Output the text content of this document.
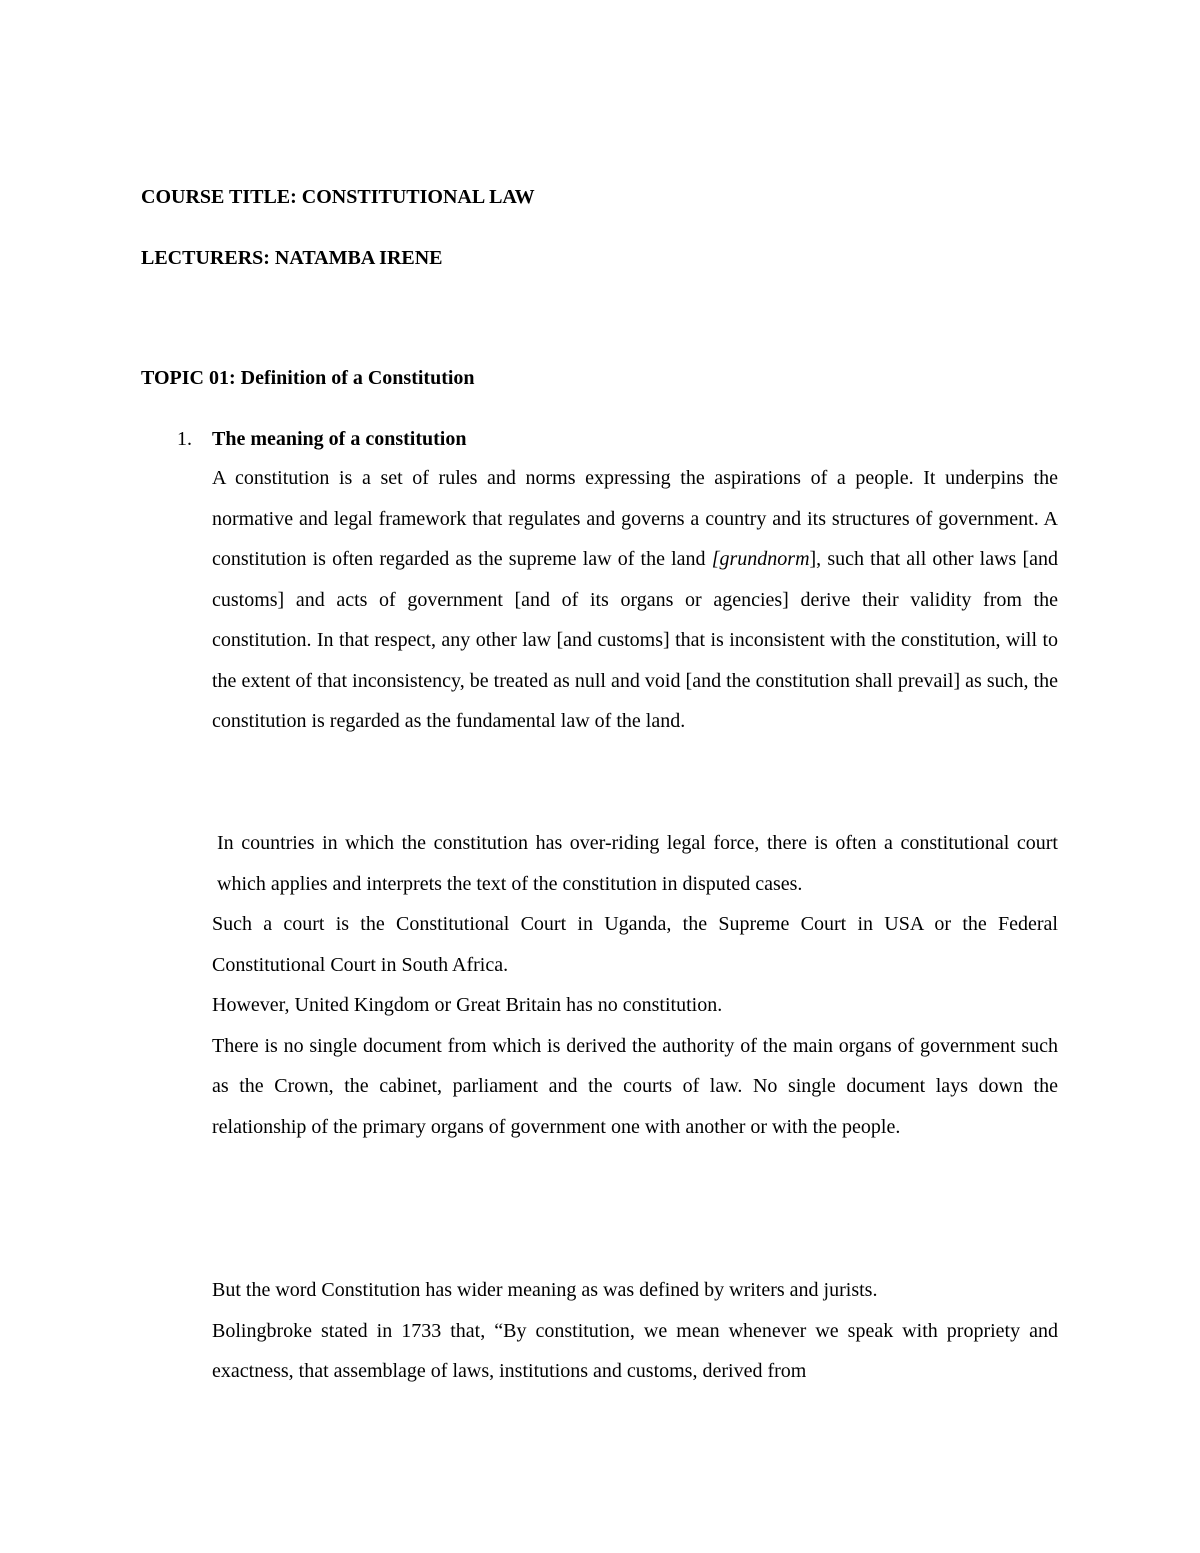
COURSE TITLE: CONSTITUTIONAL LAW
LECTURERS: NATAMBA IRENE
TOPIC 01: Definition of a Constitution
1. The meaning of a constitution

A constitution is a set of rules and norms expressing the aspirations of a people. It underpins the normative and legal framework that regulates and governs a country and its structures of government. A constitution is often regarded as the supreme law of the land [grundnorm], such that all other laws [and customs] and acts of government [and of its organs or agencies] derive their validity from the constitution. In that respect, any other law [and customs] that is inconsistent with the constitution, will to the extent of that inconsistency, be treated as null and void [and the constitution shall prevail] as such, the constitution is regarded as the fundamental law of the land.

In countries in which the constitution has over-riding legal force, there is often a constitutional court which applies and interprets the text of the constitution in disputed cases.

Such a court is the Constitutional Court in Uganda, the Supreme Court in USA or the Federal Constitutional Court in South Africa.

However, United Kingdom or Great Britain has no constitution.

There is no single document from which is derived the authority of the main organs of government such as the Crown, the cabinet, parliament and the courts of law. No single document lays down the relationship of the primary organs of government one with another or with the people.

But the word Constitution has wider meaning as was defined by writers and jurists.

Bolingbroke stated in 1733 that, “By constitution, we mean whenever we speak with propriety and exactness, that assemblage of laws, institutions and customs, derived from
